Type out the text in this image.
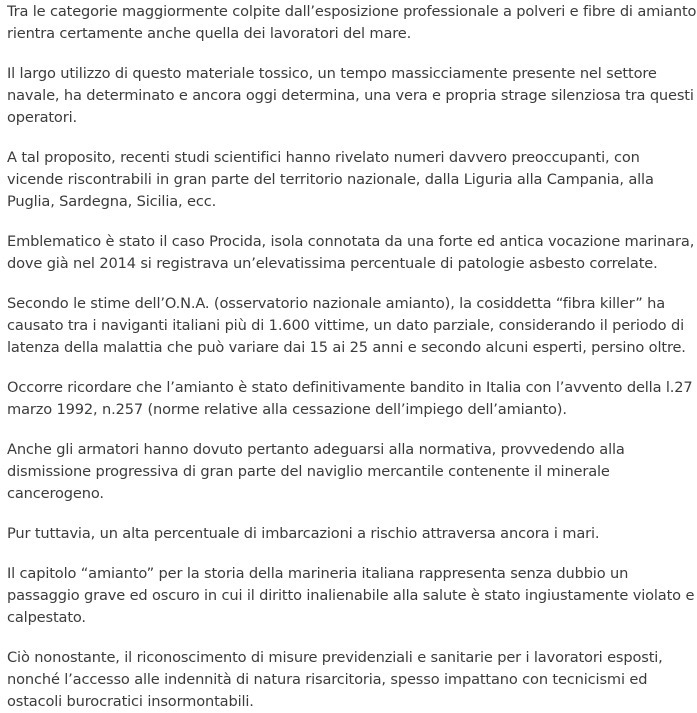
Tra le categorie maggiormente colpite dall’esposizione professionale a polveri e fibre di amianto rientra certamente anche quella dei lavoratori del mare.

Il largo utilizzo di questo materiale tossico, un tempo massicciamente presente nel settore navale, ha determinato e ancora oggi determina, una vera e propria strage silenziosa tra questi operatori.

A tal proposito, recenti studi scientifici hanno rivelato numeri davvero preoccupanti, con vicende riscontrabili in gran parte del territorio nazionale, dalla Liguria alla Campania, alla Puglia, Sardegna, Sicilia, ecc.

Emblematico è stato il caso Procida, isola connotata da una forte ed antica vocazione marinara, dove già nel 2014 si registrava un’elevatissima percentuale di patologie asbesto correlate.

Secondo le stime dell’O.N.A. (osservatorio nazionale amianto), la cosiddetta “fibra killer” ha causato tra i naviganti italiani più di 1.600 vittime, un dato parziale, considerando il periodo di latenza della malattia che può variare dai 15 ai 25 anni e secondo alcuni esperti, persino oltre.

Occorre ricordare che l’amianto è stato definitivamente bandito in Italia con l’avvento della l.27 marzo 1992, n.257 (norme relative alla cessazione dell’impiego dell’amianto).

Anche gli armatori hanno dovuto pertanto adeguarsi alla normativa, provvedendo alla dismissione progressiva di gran parte del naviglio mercantile contenente il minerale cancerogeno.

Pur tuttavia, un alta percentuale di imbarcazioni a rischio attraversa ancora i mari.

Il capitolo “amianto” per la storia della marineria italiana rappresenta senza dubbio un passaggio grave ed oscuro in cui il diritto inalienabile alla salute è stato ingiustamente violato e calpestato.

Ciò nonostante, il riconoscimento di misure previdenziali e sanitarie per i lavoratori esposti, nonché l’accesso alle indennità di natura risarcitoria, spesso impattano con tecnicismi ed ostacoli burocratici insormontabili.
